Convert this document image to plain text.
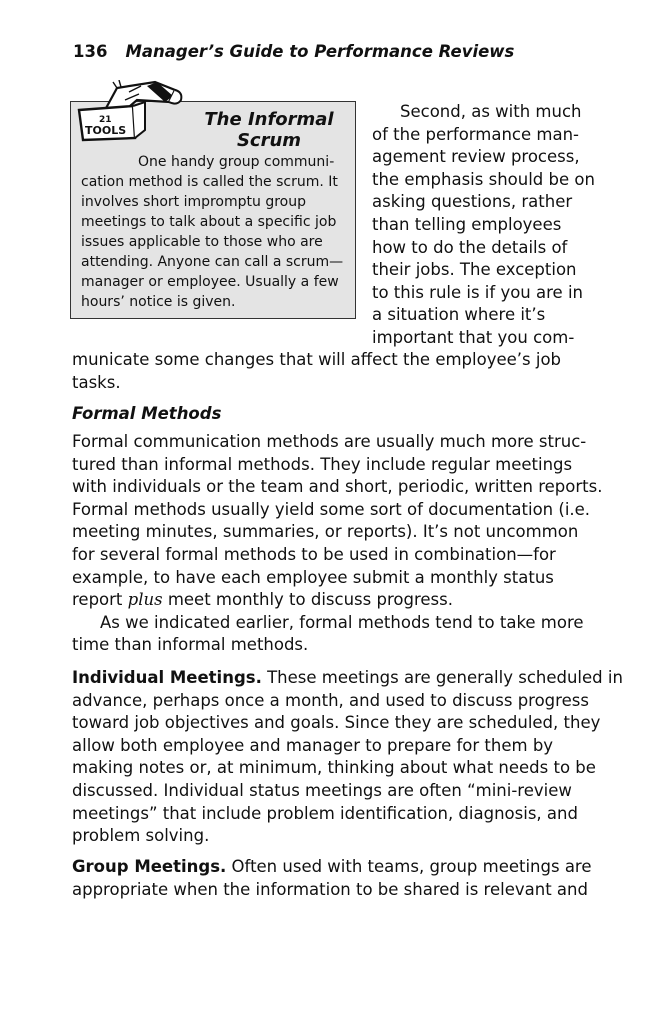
136 Manager’s Guide to Performance Reviews
21
TOOLS
The Informal
Scrum
One handy group communi-
cation method is called the scrum. It
involves short impromptu group
meetings to talk about a specific job
issues applicable to those who are
attending. Anyone can call a scrum—
manager or employee. Usually a few
hours’ notice is given.
Second, as with much
of the performance man-
agement review process,
the emphasis should be on
asking questions, rather
than telling employees
how to do the details of
their jobs. The exception
to this rule is if you are in
a situation where it’s
important that you com-
municate some changes that will affect the employee’s job
tasks.
Formal Methods
Formal communication methods are usually much more struc-
tured than informal methods. They include regular meetings
with individuals or the team and short, periodic, written reports.
Formal methods usually yield some sort of documentation (i.e.
meeting minutes, summaries, or reports). It’s not uncommon
for several formal methods to be used in combination—for
example, to have each employee submit a monthly status
report plus meet monthly to discuss progress.
As we indicated earlier, formal methods tend to take more
time than informal methods.
Individual Meetings. These meetings are generally scheduled in
advance, perhaps once a month, and used to discuss progress
toward job objectives and goals. Since they are scheduled, they
allow both employee and manager to prepare for them by
making notes or, at minimum, thinking about what needs to be
discussed. Individual status meetings are often “mini-review
meetings” that include problem identification, diagnosis, and
problem solving.
Group Meetings. Often used with teams, group meetings are
appropriate when the information to be shared is relevant and
